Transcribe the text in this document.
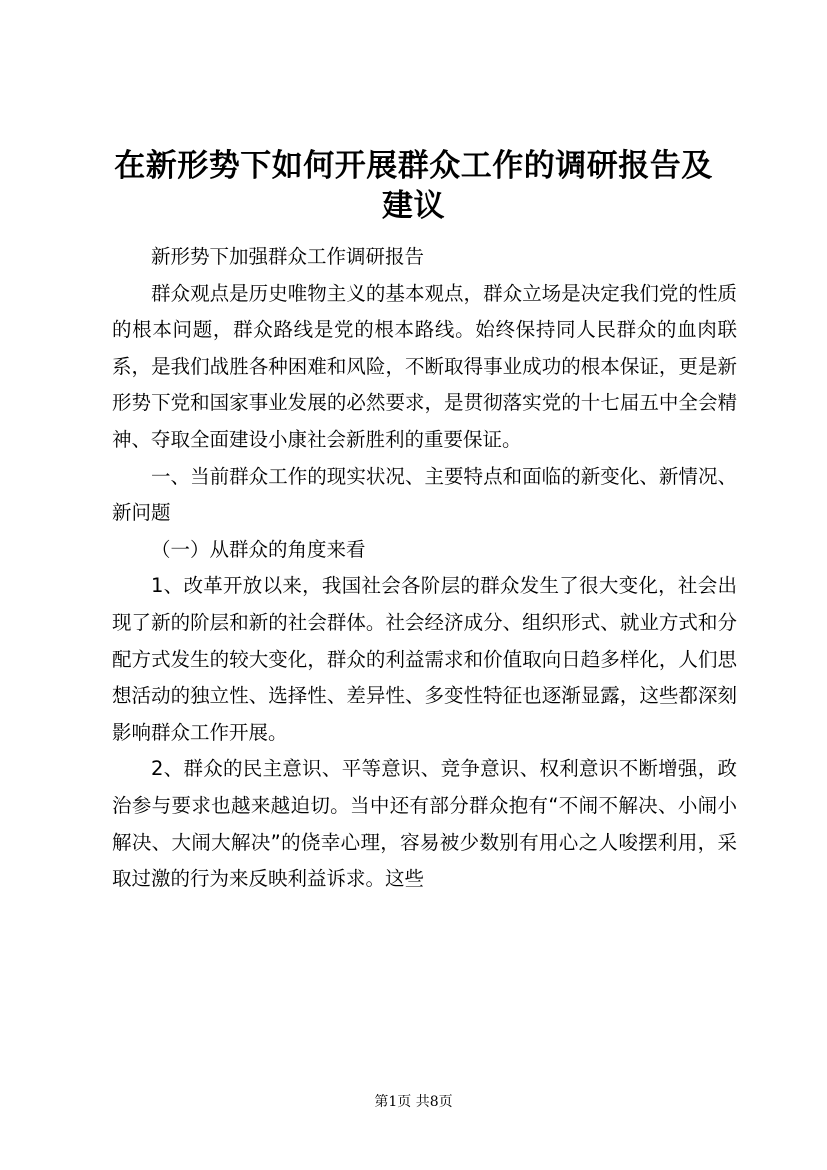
在新形势下如何开展群众工作的调研报告及建议

新形势下加强群众工作调研报告

群众观点是历史唯物主义的基本观点，群众立场是决定我们党的性质的根本问题，群众路线是党的根本路线。始终保持同人民群众的血肉联系，是我们战胜各种困难和风险，不断取得事业成功的根本保证，更是新形势下党和国家事业发展的必然要求，是贯彻落实党的十七届五中全会精神、夺取全面建设小康社会新胜利的重要保证。

一、当前群众工作的现实状况、主要特点和面临的新变化、新情况、新问题

（一）从群众的角度来看

1、改革开放以来，我国社会各阶层的群众发生了很大变化，社会出现了新的阶层和新的社会群体。社会经济成分、组织形式、就业方式和分配方式发生的较大变化，群众的利益需求和价值取向日趋多样化，人们思想活动的独立性、选择性、差异性、多变性特征也逐渐显露，这些都深刻影响群众工作开展。

2、群众的民主意识、平等意识、竞争意识、权利意识不断增强，政治参与要求也越来越迫切。当中还有部分群众抱有“不闹不解决、小闹小解决、大闹大解决”的侥幸心理，容易被少数别有用心之人唆摆利用，采取过激的行为来反映利益诉求。这些

第1页 共8页
